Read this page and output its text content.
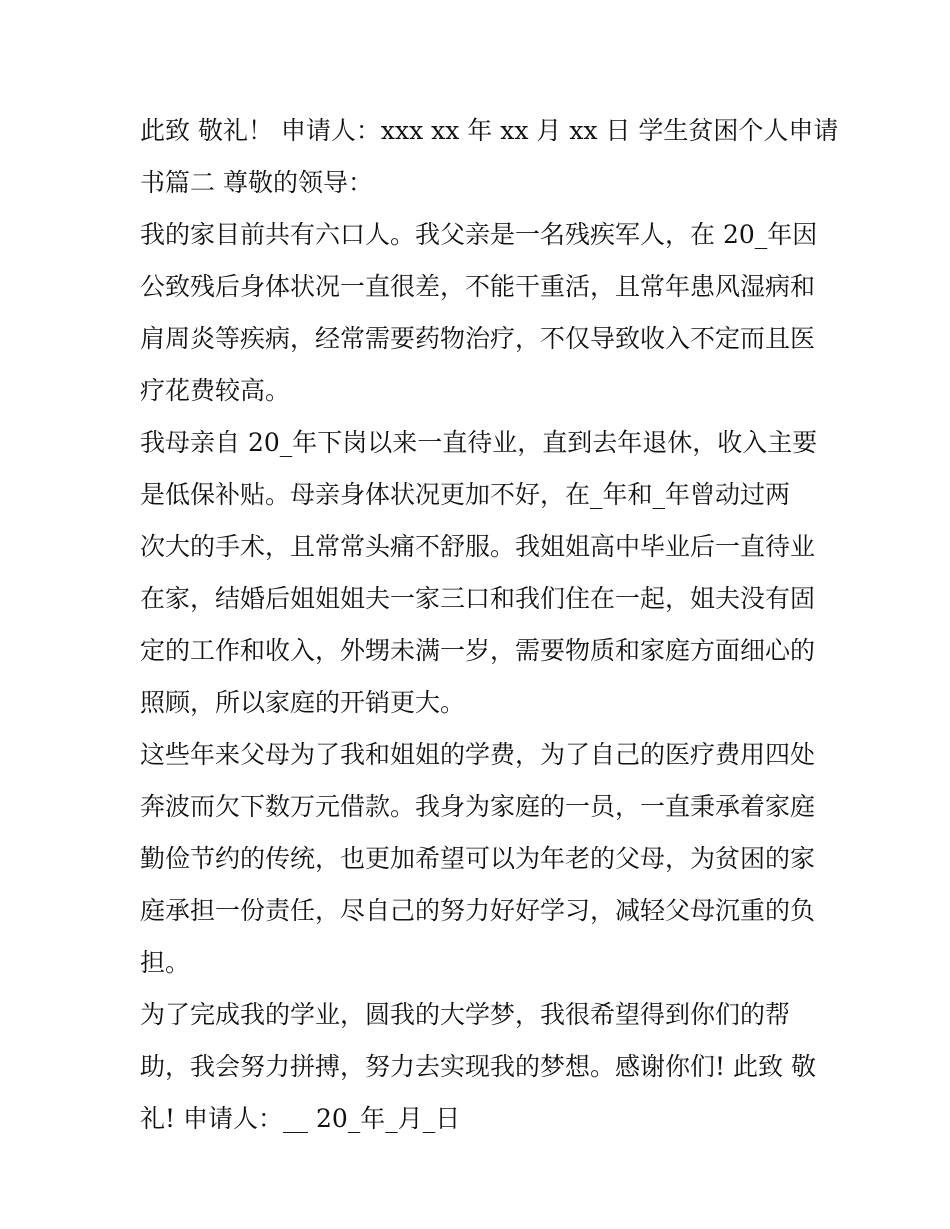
此致 敬礼！ 申请人：xxx xx 年 xx 月 xx 日 学生贫困个人申请
书篇二 尊敬的领导：
我的家目前共有六口人。我父亲是一名残疾军人，在 20_年因
公致残后身体状况一直很差，不能干重活，且常年患风湿病和
肩周炎等疾病，经常需要药物治疗，不仅导致收入不定而且医
疗花费较高。
我母亲自 20_年下岗以来一直待业，直到去年退休，收入主要
是低保补贴。母亲身体状况更加不好，在_年和_年曾动过两
次大的手术，且常常头痛不舒服。我姐姐高中毕业后一直待业
在家，结婚后姐姐姐夫一家三口和我们住在一起，姐夫没有固
定的工作和收入，外甥未满一岁，需要物质和家庭方面细心的
照顾，所以家庭的开销更大。
这些年来父母为了我和姐姐的学费，为了自己的医疗费用四处
奔波而欠下数万元借款。我身为家庭的一员，一直秉承着家庭
勤俭节约的传统，也更加希望可以为年老的父母，为贫困的家
庭承担一份责任，尽自己的努力好好学习，减轻父母沉重的负
担。
为了完成我的学业，圆我的大学梦，我很希望得到你们的帮
助，我会努力拼搏，努力去实现我的梦想。感谢你们! 此致 敬
礼! 申请人：__ 20_年_月_日
